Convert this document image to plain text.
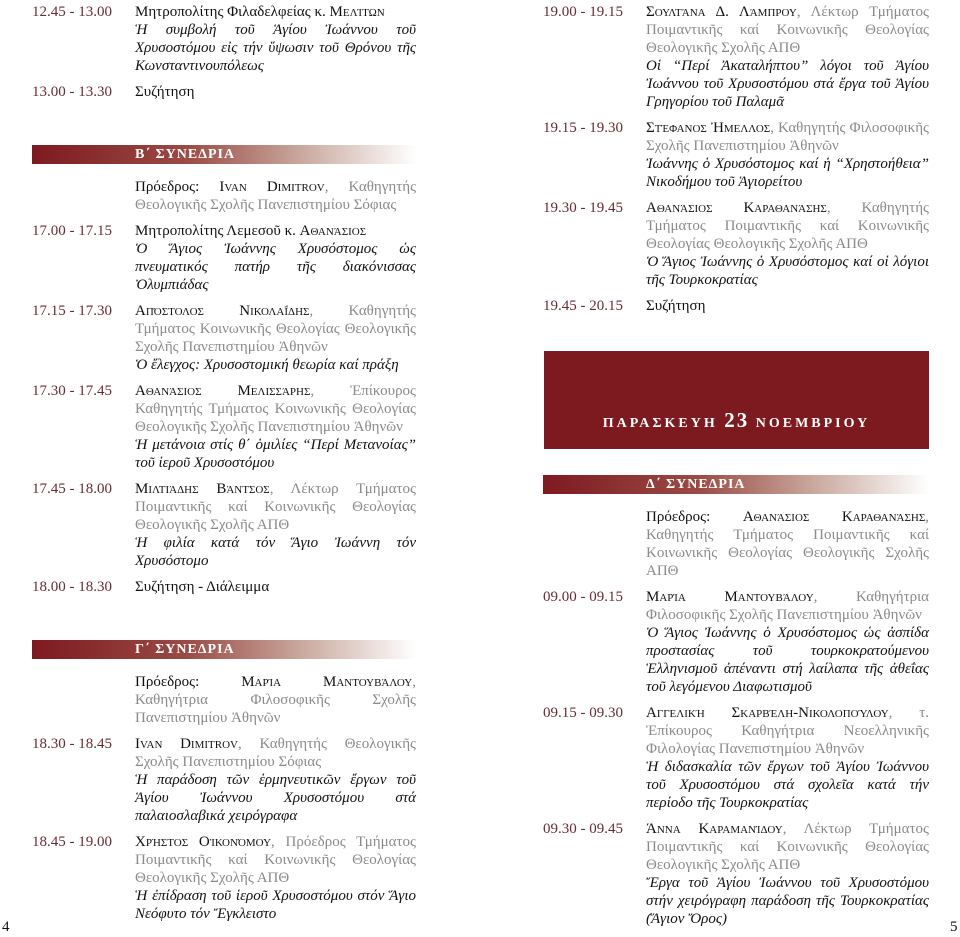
12.45 - 13.00 Μητροπολίτης Φιλαδελφείας κ. Μελίτων
Ἡ συμβολή τοῦ Ἁγίου Ἰωάννου τοῦ Χρυσοστόμου εἰς τήν ὕψωσιν τοῦ Θρόνου τῆς Κωνσταντινουπόλεως
13.00 - 13.30 Συζήτηση
Β΄ ΣΥΝΕΔΡΙΑ
Πρόεδρος: Ivan Dimitrov, Καθηγητής Θεολογικῆς Σχολῆς Πανεπιστημίου Σόφιας
17.00 - 17.15 Μητροπολίτης Λεμεσοῦ κ. Αθανάσιος
Ὁ Ἅγιος Ἰωάννης Χρυσόστομος ὡς πνευματικός πατήρ τῆς διακόνισσας Ὀλυμπιάδας
17.15 - 17.30 Απόστολος Νικολαΐδης, Καθηγητής Τμήματος Κοινωνικῆς Θεολογίας Θεολογικῆς Σχολῆς Πανεπιστημίου Ἀθηνῶν
Ὁ ἔλεγχος: Χρυσοστομική θεωρία καί πράξη
17.30 - 17.45 Αθανάσιος Μελισσάρης, Ἐπίκουρος Καθηγητής Τμήματος Κοινωνικῆς Θεολογίας Θεολογικῆς Σχολῆς Πανεπιστημίου Ἀθηνῶν
Ἡ μετάνοια στίς θ΄ ὁμιλίες “Περί Μετανοίας” τοῦ ἱεροῦ Χρυσοστόμου
17.45 - 18.00 Μιλτιάδης Βάντσος, Λέκτωρ Τμήματος Ποιμαντικῆς καί Κοινωνικῆς Θεολογίας Θεολογικῆς Σχολῆς ΑΠΘ
Ἡ φιλία κατά τόν Ἅγιο Ἰωάννη τόν Χρυσόστομο
18.00 - 18.30 Συζήτηση - Διάλειμμα
Γ΄ ΣΥΝΕΔΡΙΑ
Πρόεδρος: Μαρία Μαντουβάλου, Καθηγήτρια Φιλοσοφικῆς Σχολῆς Πανεπιστημίου Ἀθηνῶν
18.30 - 18.45 Ivan Dimitrov, Καθηγητής Θεολογικῆς Σχολῆς Πανεπιστημίου Σόφιας
Ἡ παράδοση τῶν ἑρμηνευτικῶν ἔργων τοῦ Ἁγίου Ἰωάννου Χρυσοστόμου στά παλαιοσλαβικά χειρόγραφα
18.45 - 19.00 Χρήστος Οἰκονόμου, Πρόεδρος Τμήματος Ποιμαντικῆς καί Κοινωνικῆς Θεολογίας Θεολογικῆς Σχολῆς ΑΠΘ
Ἡ ἐπίδραση τοῦ ἱεροῦ Χρυσοστόμου στόν Ἅγιο Νεόφυτο τόν Ἔγκλειστο
19.00 - 19.15 Σουλτάνα Δ. Λάμπρου, Λέκτωρ Τμήματος Ποιμαντικῆς καί Κοινωνικῆς Θεολογίας Θεολογικῆς Σχολῆς ΑΠΘ
Οἱ “Περί Ἀκαταλήπτου” λόγοι τοῦ Ἁγίου Ἰωάννου τοῦ Χρυσοστόμου στά ἔργα τοῦ Ἁγίου Γρηγορίου τοῦ Παλαμᾶ
19.15 - 19.30 Στέφανος Ἠμελλος, Καθηγητής Φιλοσοφικῆς Σχολῆς Πανεπιστημίου Ἀθηνῶν
Ἰωάννης ὁ Χρυσόστομος καί ἡ “Χρηστοήθεια” Νικοδήμου τοῦ Ἁγιορείτου
19.30 - 19.45 Αθανάσιος Καραθανάσης, Καθηγητής Τμήματος Ποιμαντικῆς καί Κοινωνικῆς Θεολογίας Θεολογικῆς Σχολῆς ΑΠΘ
Ὁ Ἅγιος Ἰωάννης ὁ Χρυσόστομος καί οἱ λόγιοι τῆς Τουρκοκρατίας
19.45 - 20.15 Συζήτηση
ΠΑΡΑΣΚΕΥΗ 23 ΝΟΕΜΒΡΙΟΥ
Δ΄ ΣΥΝΕΔΡΙΑ
Πρόεδρος: Αθανάσιος Καραθανάσης, Καθηγητής Τμήματος Ποιμαντικῆς καί Κοινωνικῆς Θεολογίας Θεολογικῆς Σχολῆς ΑΠΘ
09.00 - 09.15 Μαρία Μαντουβάλου, Καθηγήτρια Φιλοσοφικῆς Σχολῆς Πανεπιστημίου Ἀθηνῶν
Ὁ Ἅγιος Ἰωάννης ὁ Χρυσόστομος ὡς ἀσπίδα προστασίας τοῦ τουρκοκρατούμενου Ἑλληνισμοῦ ἀπέναντι στή λαίλαπα τῆς ἀθεΐας τοῦ λεγόμενου Διαφωτισμοῦ
09.15 - 09.30 Αγγελική Σκαρβέλη-Νικολοπούλου, τ. Ἐπίκουρος Καθηγήτρια Νεοελληνικῆς Φιλολογίας Πανεπιστημίου Ἀθηνῶν
Ἡ διδασκαλία τῶν ἔργων τοῦ Ἁγίου Ἰωάννου τοῦ Χρυσοστόμου στά σχολεῖα κατά τήν περίοδο τῆς Τουρκοκρατίας
09.30 - 09.45 Άννα Καραμανίδου, Λέκτωρ Τμήματος Ποιμαντικῆς καί Κοινωνικῆς Θεολογίας Θεολογικῆς Σχολῆς ΑΠΘ
Ἔργα τοῦ Ἁγίου Ἰωάννου τοῦ Χρυσοστόμου στήν χειρόγραφη παράδοση τῆς Τουρκοκρατίας (Ἅγιον Ὄρος)
4	5
